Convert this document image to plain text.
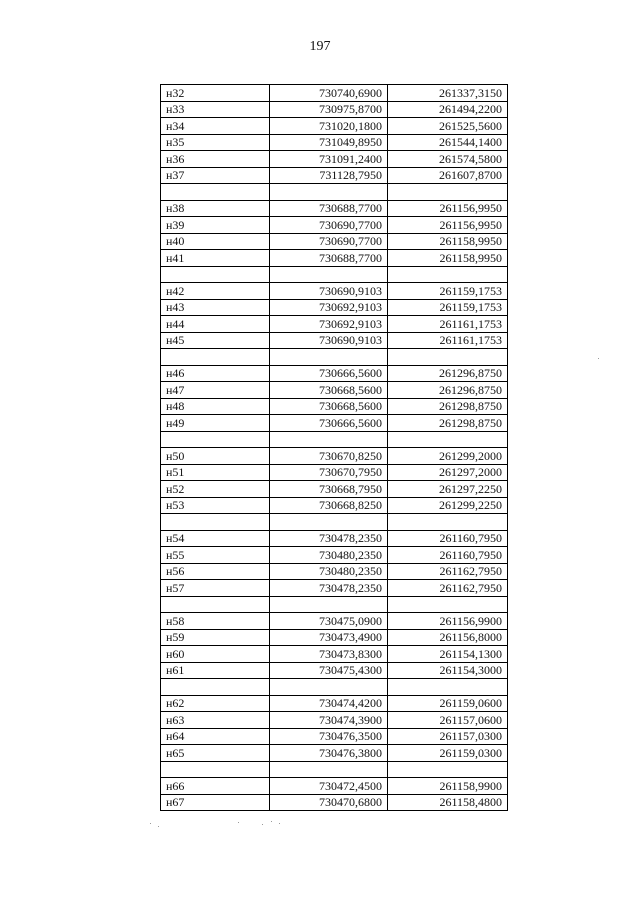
197
н32	730740,6900	261337,3150
н33	730975,8700	261494,2200
н34	731020,1800	261525,5600
н35	731049,8950	261544,1400
н36	731091,2400	261574,5800
н37	731128,7950	261607,8700

н38	730688,7700	261156,9950
н39	730690,7700	261156,9950
н40	730690,7700	261158,9950
н41	730688,7700	261158,9950

н42	730690,9103	261159,1753
н43	730692,9103	261159,1753
н44	730692,9103	261161,1753
н45	730690,9103	261161,1753

н46	730666,5600	261296,8750
н47	730668,5600	261296,8750
н48	730668,5600	261298,8750
н49	730666,5600	261298,8750

н50	730670,8250	261299,2000
н51	730670,7950	261297,2000
н52	730668,7950	261297,2250
н53	730668,8250	261299,2250

н54	730478,2350	261160,7950
н55	730480,2350	261160,7950
н56	730480,2350	261162,7950
н57	730478,2350	261162,7950

н58	730475,0900	261156,9900
н59	730473,4900	261156,8000
н60	730473,8300	261154,1300
н61	730475,4300	261154,3000

н62	730474,4200	261159,0600
н63	730474,3900	261157,0600
н64	730476,3500	261157,0300
н65	730476,3800	261159,0300

н66	730472,4500	261158,9900
н67	730470,6800	261158,4800
